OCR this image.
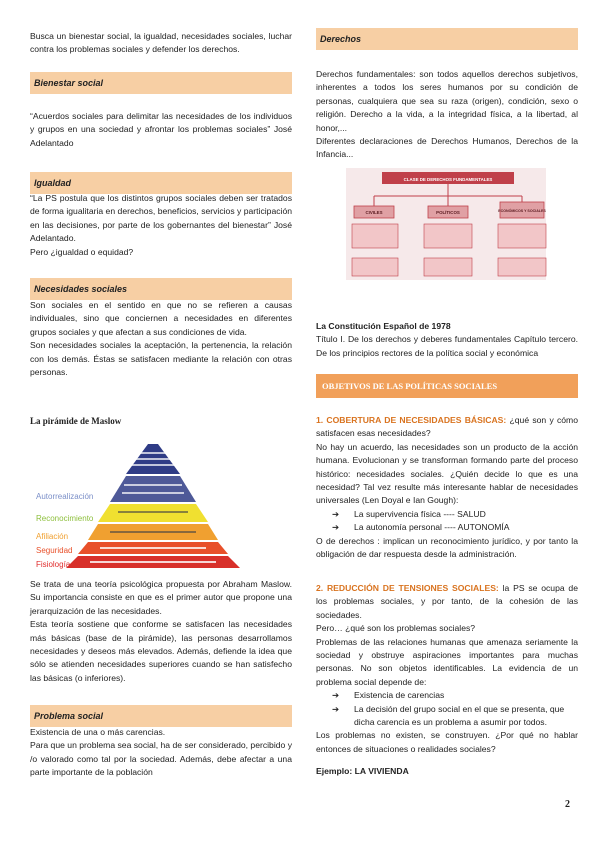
Busca un bienestar social, la igualdad, necesidades sociales, luchar contra los problemas sociales y defender los derechos.

Bienestar social

“Acuerdos sociales para delimitar las necesidades de los individuos y grupos en una sociedad y afrontar los problemas sociales” José Adelantado

Igualdad

“La PS postula que los distintos grupos sociales deben ser tratados de forma igualitaria en derechos, beneficios, servicios y participación en las decisiones, por parte de los gobernantes del bienestar” José Adelantado.

Pero ¿igualdad o equidad?

Necesidades sociales

Son sociales en el sentido en que no se refieren a causas individuales, sino que conciernen a necesidades en diferentes grupos sociales y que afectan a sus condiciones de vida.

Son necesidades sociales la aceptación, la pertenencia, la relación con los demás. Éstas se satisfacen mediante la relación con otras personas.

La pirámide de Maslow
Autorrealización
Reconocimiento
Afiliación
Seguridad
Fisiología

Se trata de una teoría psicológica propuesta por Abraham Maslow. Su importancia consiste en que es el primer autor que propone una jerarquización de las necesidades.

Esta teoría sostiene que conforme se satisfacen las necesidades más básicas (base de la pirámide), las personas desarrollamos necesidades y deseos más elevados. Además, defiende la idea que sólo se atienden necesidades superiores cuando se han satisfecho las básicas (o inferiores).

Problema social

Existencia de una o más carencias.

Para que un problema sea social, ha de ser considerado, percibido y /o valorado como tal por la sociedad. Además, debe afectar a una parte importante de la población

Derechos

Derechos fundamentales: son todos aquellos derechos subjetivos, inherentes a todos los seres humanos por su condición de personas, cualquiera que sea su raza (origen), condición, sexo o religión. Derecho a la vida, a la integridad física, a la libertad, al honor,...

Diferentes declaraciones de Derechos Humanos, Derechos de la Infancia...

CLASE DE DERECHOS FUNDAMENTALES
CIVILES	POLÍTICOS	ECONÓMICOS Y SOCIALES

La Constitución Español de 1978

Título I. De los derechos y deberes fundamentales Capítulo tercero. De los principios rectores de la política social y económica

OBJETIVOS DE LAS POLÍTICAS SOCIALES

1. COBERTURA DE NECESIDADES BÁSICAS: ¿qué son y cómo satisfacen esas necesidades?

No hay un acuerdo, las necesidades son un producto de la acción humana. Evolucionan y se transforman formando parte del proceso histórico: necesidades sociales. ¿Quién decide lo que es una necesidad? Tal vez resulte más interesante hablar de necesidades universales (Len Doyal e Ian Gough):

➔ La supervivencia física ---- SALUD
➔ La autonomía personal ---- AUTONOMÍA

O de derechos : implican un reconocimiento jurídico, y por tanto la obligación de dar respuesta desde la administración.

2. REDUCCIÓN DE TENSIONES SOCIALES: la PS se ocupa de los problemas sociales, y por tanto, de la cohesión de las sociedades.

Pero… ¿qué son los problemas sociales?

Problemas de las relaciones humanas que amenaza seriamente la sociedad y obstruye aspiraciones importantes para muchas personas. No son objetos identificables. La evidencia de un problema social depende de:

➔ Existencia de carencias
➔ La decisión del grupo social en el que se presenta, que dicha carencia es un problema a asumir por todos.

Los problemas no existen, se construyen. ¿Por qué no hablar entonces de situaciones o realidades sociales?

Ejemplo: LA VIVIENDA
2
